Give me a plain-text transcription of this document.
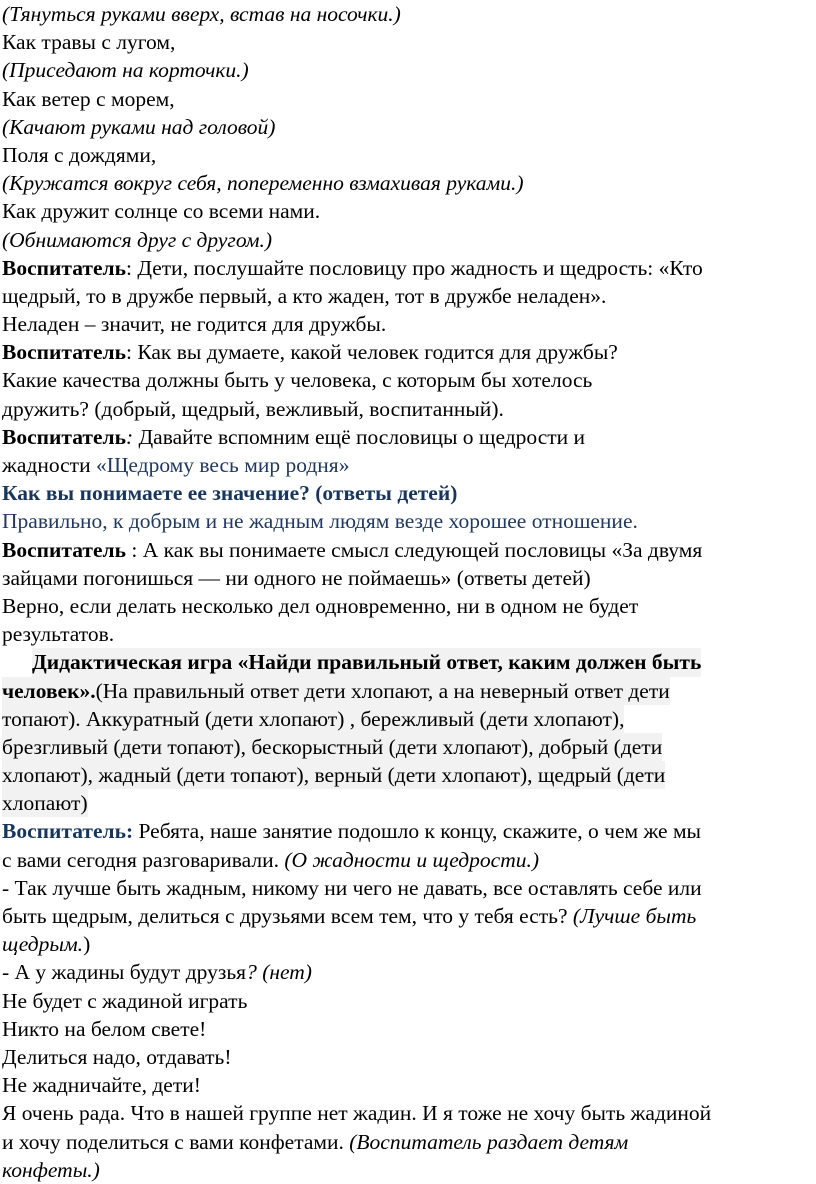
(Тянуться руками вверх, встав на носочки.)

Как травы с лугом,

(Приседают на корточки.)

Как ветер с морем,

(Качают руками над головой)

Поля с дождями,

(Кружатся вокруг себя, попеременно взмахивая руками.)

Как дружит солнце со всеми нами.

(Обнимаются друг с другом.)

Воспитатель: Дети, послушайте пословицу про жадность и щедрость: «Кто

щедрый, то в дружбе первый, а кто жаден, тот в дружбе неладен».

Неладен – значит, не годится для дружбы.

Воспитатель: Как вы думаете, какой человек годится для дружбы?

Какие качества должны быть у человека, с которым бы хотелось

дружить? (добрый, щедрый, вежливый, воспитанный).

Воспитатель: Давайте вспомним ещё пословицы о щедрости и

жадности «Щедрому весь мир родня»

Как вы понимаете ее значение? (ответы детей)

Правильно, к добрым и не жадным людям везде хорошее отношение.

Воспитатель : А как вы понимаете смысл следующей пословицы «За двумя

зайцами погонишься — ни одного не поймаешь» (ответы детей)

Верно, если делать несколько дел одновременно, ни в одном не будет

результатов.

Дидактическая игра «Найди правильный ответ, каким должен быть

человек».(На правильный ответ дети хлопают, а на неверный ответ дети

топают). Аккуратный (дети хлопают) , бережливый (дети хлопают),

брезгливый (дети топают), бескорыстный (дети хлопают), добрый (дети

хлопают), жадный (дети топают), верный (дети хлопают), щедрый (дети

хлопают)

Воспитатель: Ребята, наше занятие подошло к концу, скажите, о чем же мы

с вами сегодня разговаривали. (О жадности и щедрости.)

- Так лучше быть жадным, никому ни чего не давать, все оставлять себе или

быть щедрым, делиться с друзьями всем тем, что у тебя есть? (Лучше быть

щедрым.)

- А у жадины будут друзья? (нет)

Не будет с жадиной играть

Никто на белом свете!

Делиться надо, отдавать!

Не жадничайте, дети!

Я очень рада. Что в нашей группе нет жадин. И я тоже не хочу быть жадиной

и хочу поделиться с вами конфетами. (Воспитатель раздает детям

конфеты.)
